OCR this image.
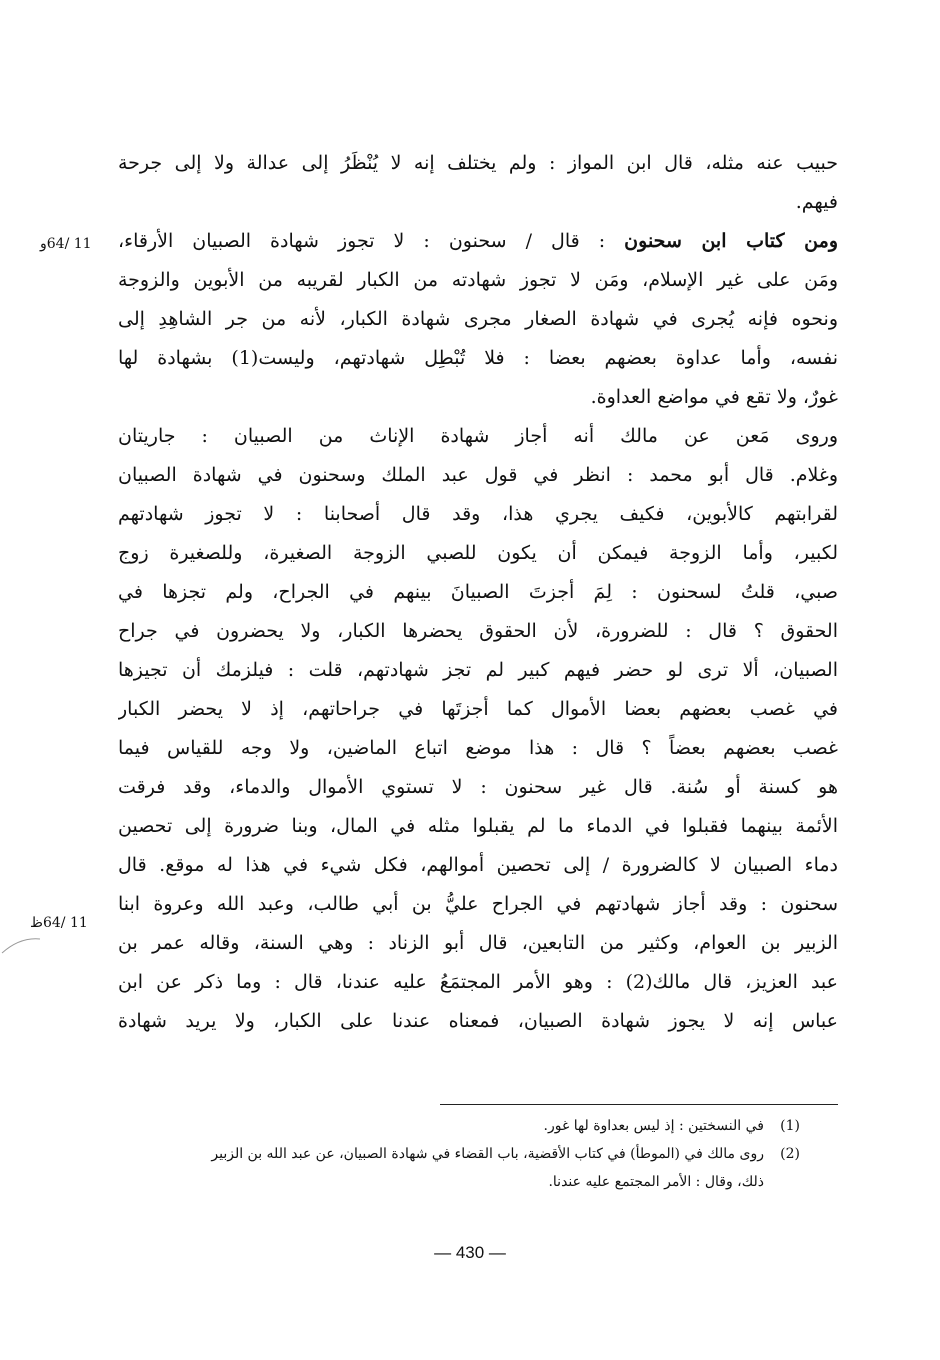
حبيب عنه مثله، قال ابن المواز : ولم يختلف إنه لا يُنْظَرُ إلى عدالة ولا إلى جرحة
فيهم.
ومن كتاب ابن سحنون : قال / سحنون : لا تجوز شهادة الصبيان الأرقاء،
ومَن على غير الإسلام، ومَن لا تجوز شهادته من الكبار لقريبه من الأبوين والزوجة
ونحوه فإنه يُجرى في شهادة الصغار مجرى شهادة الكبار، لأنه من جر الشاهِدِ إلى
نفسه، وأما عداوة بعضهم بعضا : فلا تُبْطِل شهادتهم، وليست(1) بشهادة لها
غورٌ، ولا تقع في مواضع العداوة.
وروى مَعن عن مالك أنه أجاز شهادة الإناث من الصبيان : جاريتان
وغلام. قال أبو محمد : انظر في قول عبد الملك وسحنون في شهادة الصبيان
لقرابتهم كالأبوين، فكيف يجري هذا، وقد قال أصحابنا : لا تجوز شهادتهم
لكبير، وأما الزوجة فيمكن أن يكون للصبي الزوجة الصغيرة، وللصغيرة زوج
صبي، قلتُ لسحنون : لِمَ أجزتَ الصبيانَ بينهم في الجراح، ولم تجزها في
الحقوق ؟ قال : للضرورة، لأن الحقوق يحضرها الكبار، ولا يحضرون في جراح
الصبيان، ألا ترى لو حضر فيهم كبير لم تجز شهادتهم، قلت : فيلزمك أن تجيزها
في غصب بعضهم بعضا الأموال كما أجزتَها في جراحاتهم، إذ لا يحضر الكبار
غصب بعضهم بعضاً ؟ قال : هذا موضع اتباع الماضين، ولا وجه للقياس فيما
هو كسنة أو سُنة. قال غير سحنون : لا تستوي الأموال والدماء، وقد فرقت
الأئمة بينهما فقبلوا في الدماء ما لم يقبلوا مثله في المال، وبنا ضرورة إلى تحصين
دماء الصبيان لا كالضرورة / إلى تحصين أموالهم، فكل شيء في هذا له موقع. قال
سحنون : وقد أجاز شهادتهم في الجراح عليُّ بن أبي طالب، وعبد الله وعروة ابنا
الزبير بن العوام، وكثير من التابعين، قال أبو الزناد : وهي السنة، وقاله عمر بن
عبد العزيز، قال مالك(2) : وهو الأمر المجتمَعُ عليه عندنا، قال : وما ذكر عن ابن
عباس إنه لا يجوز شهادة الصبيان، فمعناه عندنا على الكبار، ولا يريد شهادة
11 /64و
11 /64ظ
(1)في النسختين : إذ ليس بعداوة لها غور.
(2)روى مالك في (الموطأ) في كتاب الأقضية، باب القضاء في شهادة الصبيان، عن عبد الله بن الزبير
ذلك، وقال : الأمر المجتمع عليه عندنا.
— 430 —
